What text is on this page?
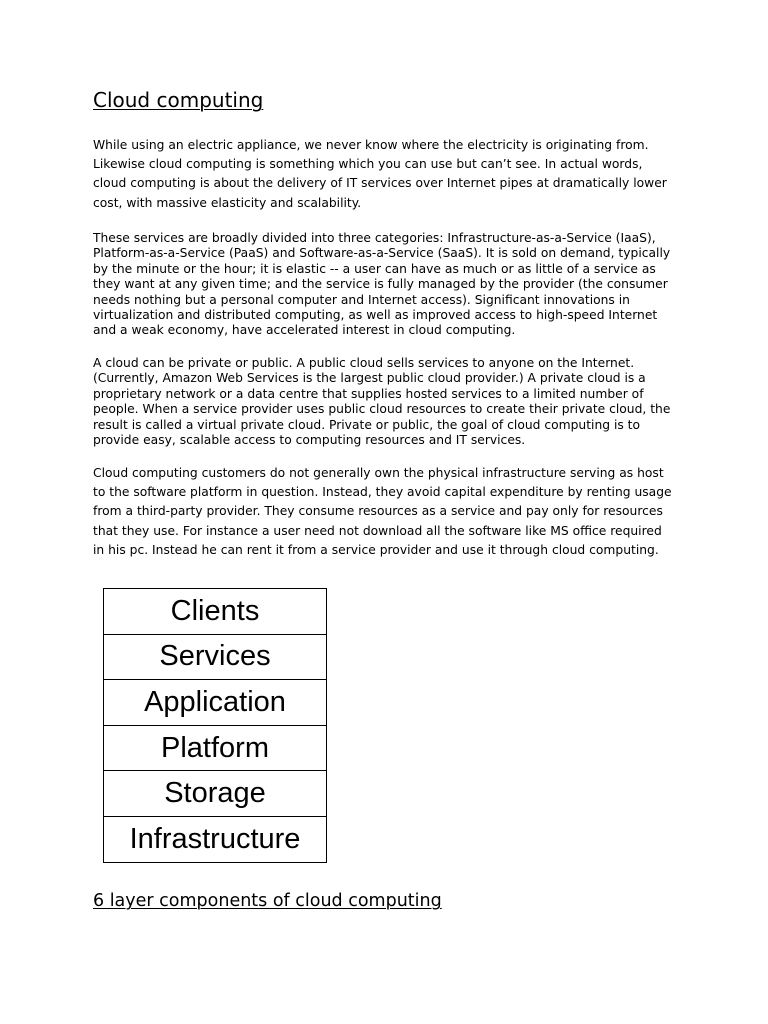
Cloud computing

While using an electric appliance, we never know where the electricity is originating from. Likewise cloud computing is something which you can use but can’t see. In actual words, cloud computing is about the delivery of IT services over Internet pipes at dramatically lower cost, with massive elasticity and scalability.

These services are broadly divided into three categories: Infrastructure-as-a-Service (IaaS), Platform-as-a-Service (PaaS) and Software-as-a-Service (SaaS). It is sold on demand, typically by the minute or the hour; it is elastic -- a user can have as much or as little of a service as they want at any given time; and the service is fully managed by the provider (the consumer needs nothing but a personal computer and Internet access). Significant innovations in virtualization and distributed computing, as well as improved access to high-speed Internet and a weak economy, have accelerated interest in cloud computing.

A cloud can be private or public. A public cloud sells services to anyone on the Internet. (Currently, Amazon Web Services is the largest public cloud provider.) A private cloud is a proprietary network or a data centre that supplies hosted services to a limited number of people. When a service provider uses public cloud resources to create their private cloud, the result is called a virtual private cloud. Private or public, the goal of cloud computing is to provide easy, scalable access to computing resources and IT services.

Cloud computing customers do not generally own the physical infrastructure serving as host to the software platform in question. Instead, they avoid capital expenditure by renting usage from a third-party provider. They consume resources as a service and pay only for resources that they use. For instance a user need not download all the software like MS office required in his pc. Instead he can rent it from a service provider and use it through cloud computing.

Clients
Services
Application
Platform
Storage
Infrastructure
6 layer components of cloud computing
